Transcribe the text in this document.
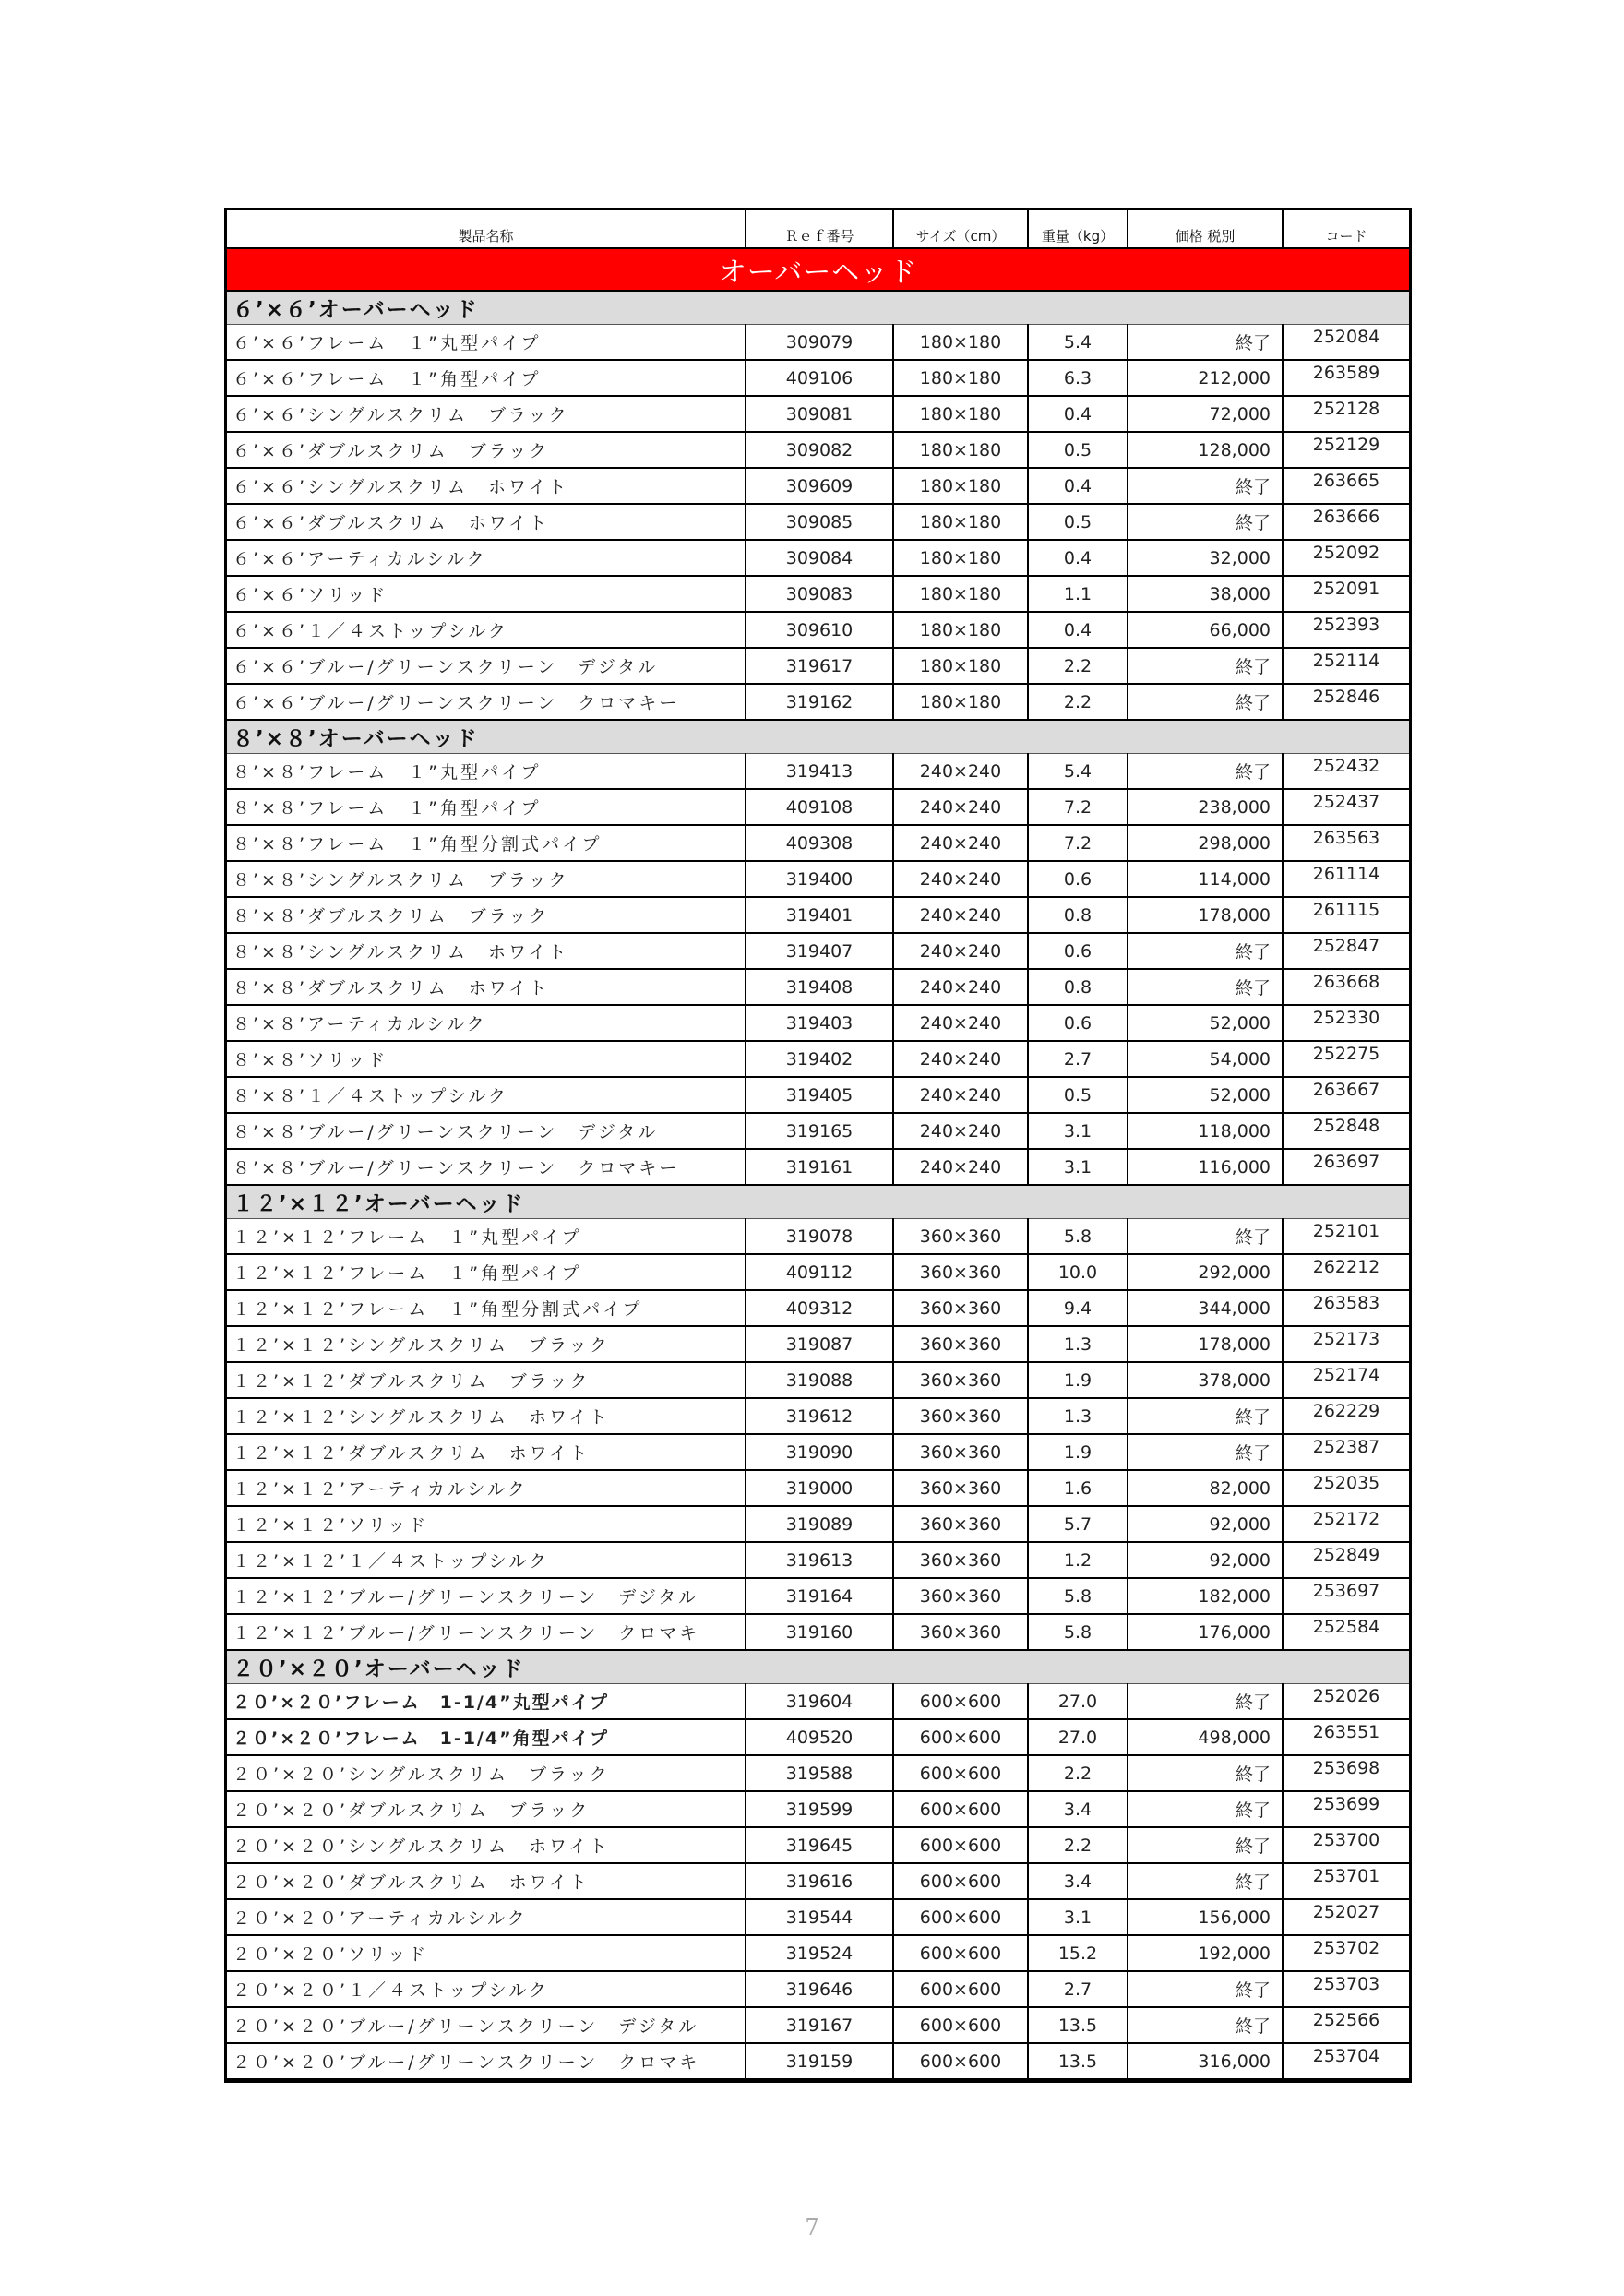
製品名称	Ｒｅｆ番号	サイズ（cm）	重量（kg）	価格 税別	コード
オーバーヘッド					
６’×６’オーバーヘッド					
６’×６’フレーム　１”丸型パイプ	309079	180×180	5.4	終了	252084
６’×６’フレーム　１”角型パイプ	409106	180×180	6.3	212,000	263589
６’×６’シングルスクリム　ブラック	309081	180×180	0.4	72,000	252128
６’×６’ダブルスクリム　ブラック	309082	180×180	0.5	128,000	252129
６’×６’シングルスクリム　ホワイト	309609	180×180	0.4	終了	263665
６’×６’ダブルスクリム　ホワイト	309085	180×180	0.5	終了	263666
６’×６’アーティカルシルク	309084	180×180	0.4	32,000	252092
６’×６’ソリッド	309083	180×180	1.1	38,000	252091
６’×６’１／４ストップシルク	309610	180×180	0.4	66,000	252393
６’×６’ブルー/グリーンスクリーン　デジタル	319617	180×180	2.2	終了	252114
６’×６’ブルー/グリーンスクリーン　クロマキー	319162	180×180	2.2	終了	252846
８’×８’オーバーヘッド					
８’×８’フレーム　１”丸型パイプ	319413	240×240	5.4	終了	252432
８’×８’フレーム　１”角型パイプ	409108	240×240	7.2	238,000	252437
８’×８’フレーム　１”角型分割式パイプ	409308	240×240	7.2	298,000	263563
８’×８’シングルスクリム　ブラック	319400	240×240	0.6	114,000	261114
８’×８’ダブルスクリム　ブラック	319401	240×240	0.8	178,000	261115
８’×８’シングルスクリム　ホワイト	319407	240×240	0.6	終了	252847
８’×８’ダブルスクリム　ホワイト	319408	240×240	0.8	終了	263668
８’×８’アーティカルシルク	319403	240×240	0.6	52,000	252330
８’×８’ソリッド	319402	240×240	2.7	54,000	252275
８’×８’１／４ストップシルク	319405	240×240	0.5	52,000	263667
８’×８’ブルー/グリーンスクリーン　デジタル	319165	240×240	3.1	118,000	252848
８’×８’ブルー/グリーンスクリーン　クロマキー	319161	240×240	3.1	116,000	263697
１２’×１２’オーバーヘッド					
１２’×１２’フレーム　１”丸型パイプ	319078	360×360	5.8	終了	252101
１２’×１２’フレーム　１”角型パイプ	409112	360×360	10.0	292,000	262212
１２’×１２’フレーム　１”角型分割式パイプ	409312	360×360	9.4	344,000	263583
１２’×１２’シングルスクリム　ブラック	319087	360×360	1.3	178,000	252173
１２’×１２’ダブルスクリム　ブラック	319088	360×360	1.9	378,000	252174
１２’×１２’シングルスクリム　ホワイト	319612	360×360	1.3	終了	262229
１２’×１２’ダブルスクリム　ホワイト	319090	360×360	1.9	終了	252387
１２’×１２’アーティカルシルク	319000	360×360	1.6	82,000	252035
１２’×１２’ソリッド	319089	360×360	5.7	92,000	252172
１２’×１２’１／４ストップシルク	319613	360×360	1.2	92,000	252849
１２’×１２’ブルー/グリーンスクリーン　デジタル	319164	360×360	5.8	182,000	253697
１２’×１２’ブルー/グリーンスクリーン　クロマキ	319160	360×360	5.8	176,000	252584
２０’×２０’オーバーヘッド					
２０’×２０’フレーム　1-1/4”丸型パイプ	319604	600×600	27.0	終了	252026
２０’×２０’フレーム　1-1/4”角型パイプ	409520	600×600	27.0	498,000	263551
２０’×２０’シングルスクリム　ブラック	319588	600×600	2.2	終了	253698
２０’×２０’ダブルスクリム　ブラック	319599	600×600	3.4	終了	253699
２０’×２０’シングルスクリム　ホワイト	319645	600×600	2.2	終了	253700
２０’×２０’ダブルスクリム　ホワイト	319616	600×600	3.4	終了	253701
２０’×２０’アーティカルシルク	319544	600×600	3.1	156,000	252027
２０’×２０’ソリッド	319524	600×600	15.2	192,000	253702
２０’×２０’１／４ストップシルク	319646	600×600	2.7	終了	253703
２０’×２０’ブルー/グリーンスクリーン　デジタル	319167	600×600	13.5	終了	252566
２０’×２０’ブルー/グリーンスクリーン　クロマキ	319159	600×600	13.5	316,000	253704
7
